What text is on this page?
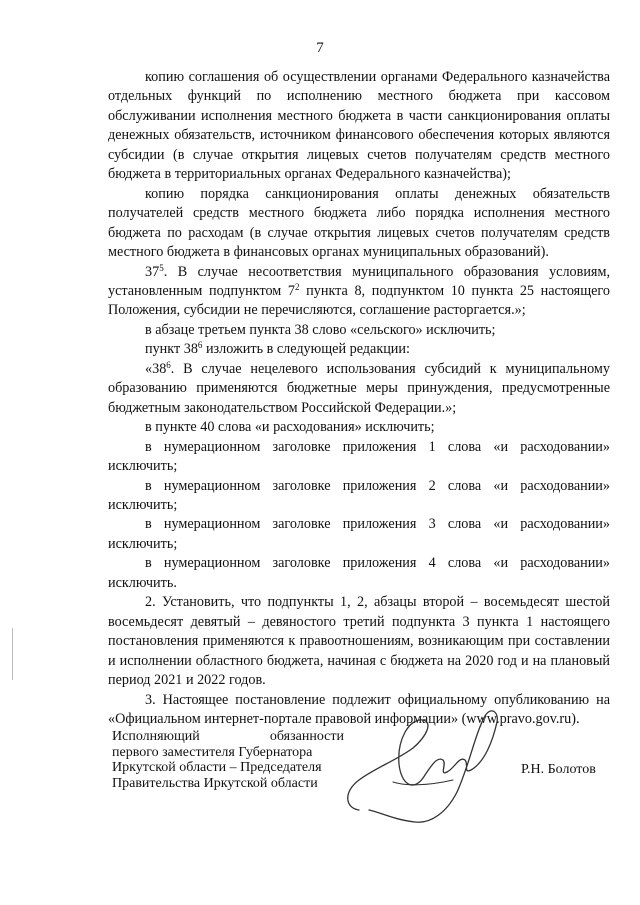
7

копию соглашения об осуществлении органами Федерального казначейства отдельных функций по исполнению местного бюджета при кассовом обслуживании исполнения местного бюджета в части санкционирования оплаты денежных обязательств, источником финансового обеспечения которых являются субсидии (в случае открытия лицевых счетов получателям средств местного бюджета в территориальных органах Федерального казначейства);

копию порядка санкционирования оплаты денежных обязательств получателей средств местного бюджета либо порядка исполнения местного бюджета по расходам (в случае открытия лицевых счетов получателям средств местного бюджета в финансовых органах муниципальных образований).

$37^5$. В случае несоответствия муниципального образования условиям, установленным подпунктом $7^2$ пункта 8, подпунктом 10 пункта 25 настоящего Положения, субсидии не перечисляются, соглашение расторгается.»;

в абзаце третьем пункта 38 слово «сельского» исключить;

пункт $38^6$ изложить в следующей редакции:

«$38^6$. В случае нецелевого использования субсидий к муниципальному образованию применяются бюджетные меры принуждения, предусмотренные бюджетным законодательством Российской Федерации.»;

в пункте 40 слова «и расходования» исключить;

в нумерационном заголовке приложения 1 слова «и расходовании» исключить;

в нумерационном заголовке приложения 2 слова «и расходовании» исключить;

в нумерационном заголовке приложения 3 слова «и расходовании» исключить;

в нумерационном заголовке приложения 4 слова «и расходовании» исключить.

2. Установить, что подпункты 1, 2, абзацы второй – восемьдесят шестой восемьдесят девятый – девяностого третий подпункта 3 пункта 1 настоящего постановления применяются к правоотношениям, возникающим при составлении и исполнении областного бюджета, начиная с бюджета на 2020 год и на плановый период 2021 и 2022 годов.

3. Настоящее постановление подлежит официальному опубликованию на «Официальном интернет-портале правовой информации» (www.pravo.gov.ru).

Исполняющий обязанности
первого заместителя Губернатора
Иркутской области – Председателя
Правительства Иркутской области
Р.Н. Болотов
